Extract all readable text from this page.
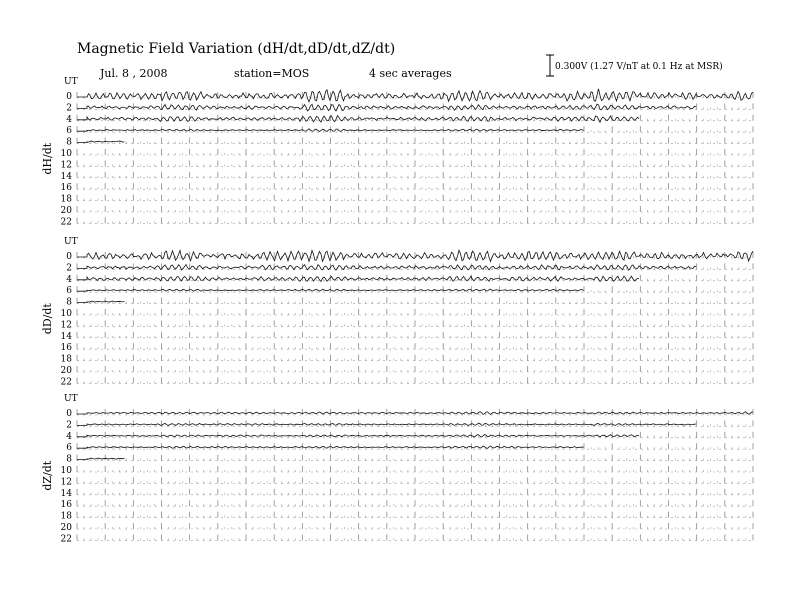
Magnetic Field Variation (dH/dt,dD/dt,dZ/dt)
Jul. 8 , 2008	station=MOS	4 sec averages	0.300V (1.27 V/nT at 0.1 Hz at MSR)
UT
dH/dt
0
2
4
6
8
10
12
14
16
18
20
22
UT
dD/dt
0
2
4
6
8
10
12
14
16
18
20
22
UT
dZ/dt
0
2
4
6
8
10
12
14
16
18
20
22
